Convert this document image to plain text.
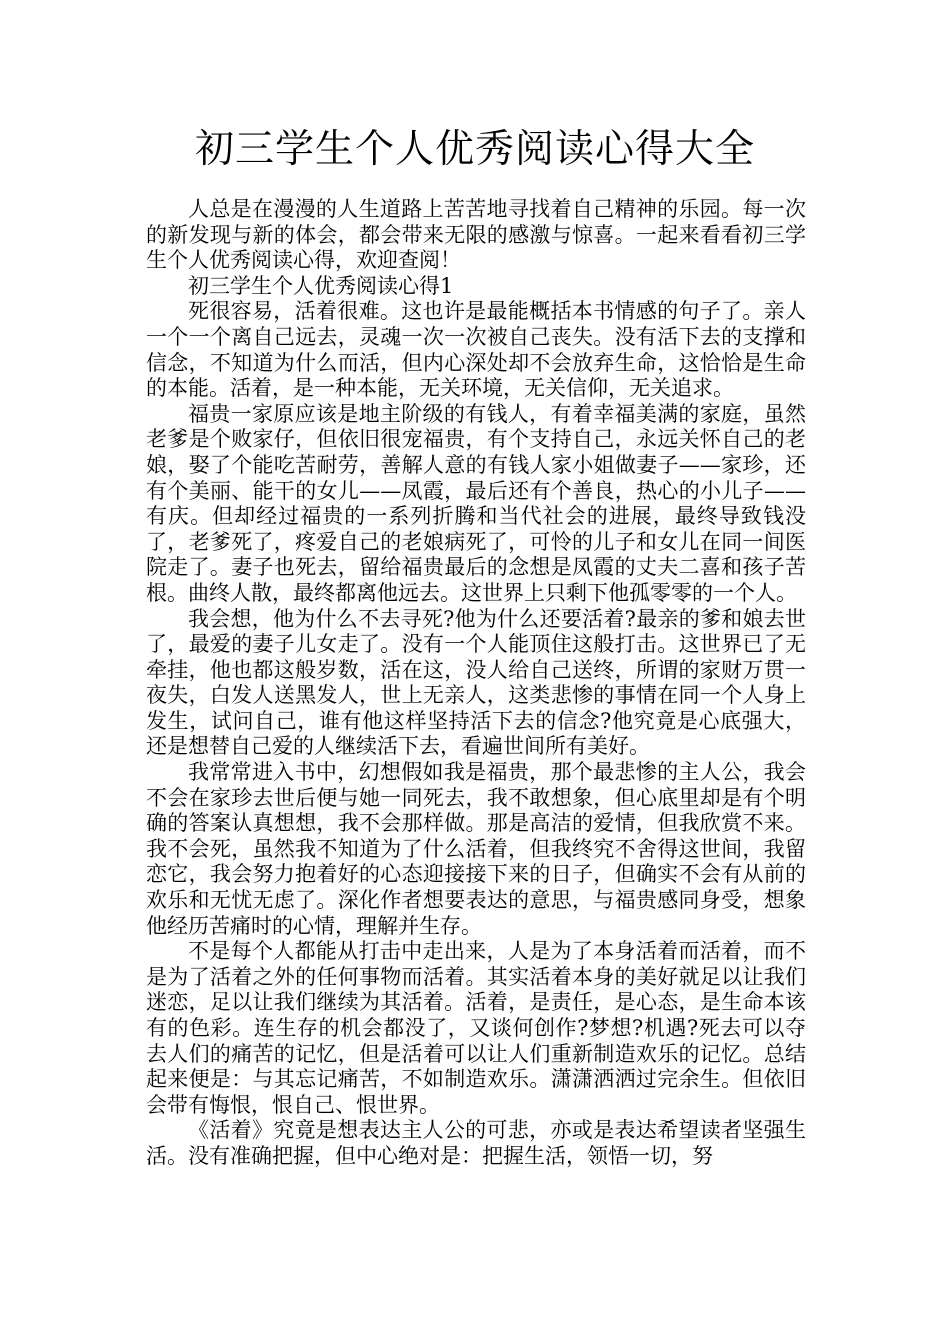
初三学生个人优秀阅读心得大全

人总是在漫漫的人生道路上苦苦地寻找着自己精神的乐园。每一次的新发现与新的体会，都会带来无限的感激与惊喜。一起来看看初三学生个人优秀阅读心得，欢迎查阅！

初三学生个人优秀阅读心得1

死很容易，活着很难。这也许是最能概括本书情感的句子了。亲人一个一个离自己远去，灵魂一次一次被自己丧失。没有活下去的支撑和信念，不知道为什么而活，但内心深处却不会放弃生命，这恰恰是生命的本能。活着，是一种本能，无关环境，无关信仰，无关追求。

福贵一家原应该是地主阶级的有钱人，有着幸福美满的家庭，虽然老爹是个败家仔，但依旧很宠福贵，有个支持自己，永远关怀自己的老娘，娶了个能吃苦耐劳，善解人意的有钱人家小姐做妻子——家珍，还有个美丽、能干的女儿——凤霞，最后还有个善良，热心的小儿子——有庆。但却经过福贵的一系列折腾和当代社会的进展，最终导致钱没了，老爹死了，疼爱自己的老娘病死了，可怜的儿子和女儿在同一间医院走了。妻子也死去，留给福贵最后的念想是凤霞的丈夫二喜和孩子苦根。曲终人散，最终都离他远去。这世界上只剩下他孤零零的一个人。

我会想，他为什么不去寻死?他为什么还要活着?最亲的爹和娘去世了，最爱的妻子儿女走了。没有一个人能顶住这般打击。这世界已了无牵挂，他也都这般岁数，活在这，没人给自己送终，所谓的家财万贯一夜失，白发人送黑发人，世上无亲人，这类悲惨的事情在同一个人身上发生，试问自己，谁有他这样坚持活下去的信念?他究竟是心底强大，还是想替自己爱的人继续活下去，看遍世间所有美好。

我常常进入书中，幻想假如我是福贵，那个最悲惨的主人公，我会不会在家珍去世后便与她一同死去，我不敢想象，但心底里却是有个明确的答案认真想想，我不会那样做。那是高洁的爱情，但我欣赏不来。我不会死，虽然我不知道为了什么活着，但我终究不舍得这世间，我留恋它，我会努力抱着好的心态迎接接下来的日子，但确实不会有从前的欢乐和无忧无虑了。深化作者想要表达的意思，与福贵感同身受，想象他经历苦痛时的心情，理解并生存。

不是每个人都能从打击中走出来，人是为了本身活着而活着，而不是为了活着之外的任何事物而活着。其实活着本身的美好就足以让我们迷恋，足以让我们继续为其活着。活着，是责任，是心态，是生命本该有的色彩。连生存的机会都没了，又谈何创作?梦想?机遇?死去可以夺去人们的痛苦的记忆，但是活着可以让人们重新制造欢乐的记忆。总结起来便是：与其忘记痛苦，不如制造欢乐。潇潇洒洒过完余生。但依旧会带有悔恨，恨自己、恨世界。

《活着》究竟是想表达主人公的可悲，亦或是表达希望读者坚强生活。没有准确把握，但中心绝对是：把握生活，领悟一切，努
